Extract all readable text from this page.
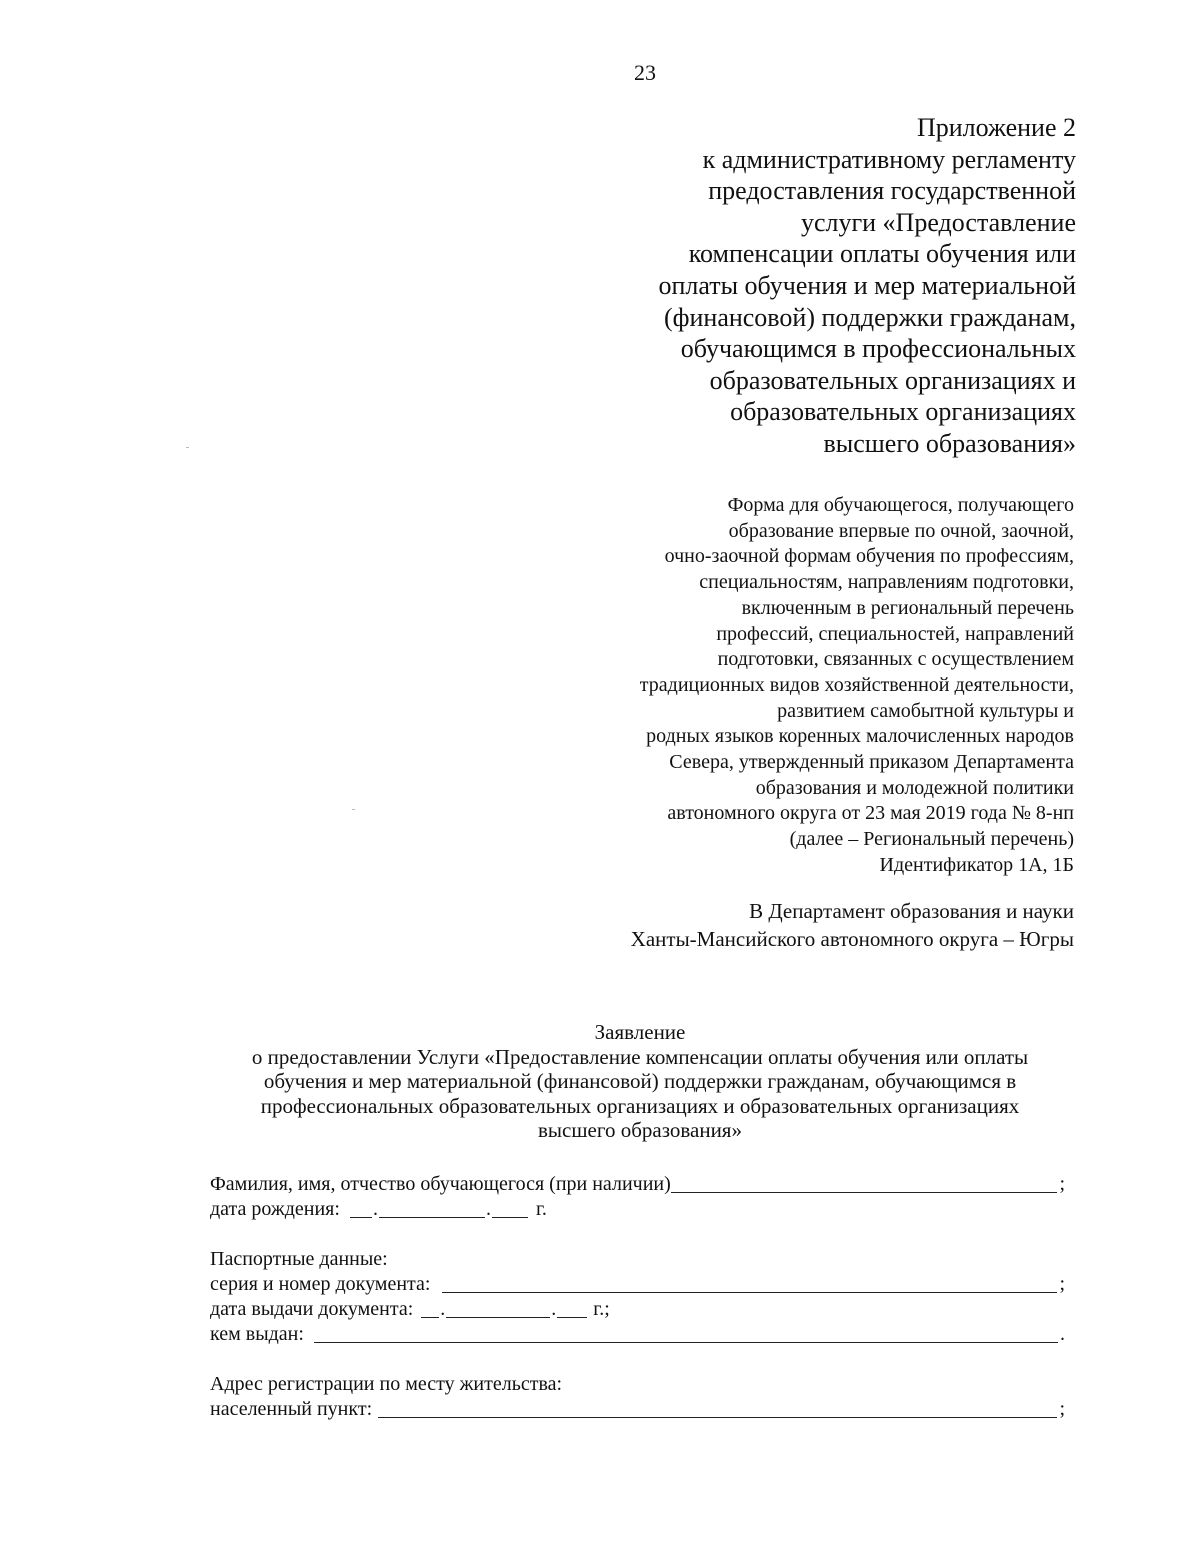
23
Приложение 2
к административному регламенту
предоставления государственной
услуги «Предоставление
компенсации оплаты обучения или
оплаты обучения и мер материальной
(финансовой) поддержки гражданам,
обучающимся в профессиональных
образовательных организациях и
образовательных организациях
высшего образования»
Форма для обучающегося, получающего
образование впервые по очной, заочной,
очно-заочной формам обучения по профессиям,
специальностям, направлениям подготовки,
включенным в региональный перечень
профессий, специальностей, направлений
подготовки, связанных с осуществлением
традиционных видов хозяйственной деятельности,
развитием самобытной культуры и
родных языков коренных малочисленных народов
Севера, утвержденный приказом Департамента
образования и молодежной политики
автономного округа от 23 мая 2019 года № 8-нп
(далее – Региональный перечень)
Идентификатор 1А, 1Б
В Департамент образования и науки
Ханты-Мансийского автономного округа – Югры
Заявление
о предоставлении Услуги «Предоставление компенсации оплаты обучения или оплаты
обучения и мер материальной (финансовой) поддержки гражданам, обучающимся в
профессиональных образовательных организациях и образовательных организациях
высшего образования»
Фамилия, имя, отчество обучающегося (при наличии)	;
дата рождения: .	. г.
Паспортные данные:
серия и номер документа:	;
дата выдачи документа: .	. г.;
кем выдан:	.
Адрес регистрации по месту жительства:
населенный пункт:	;
